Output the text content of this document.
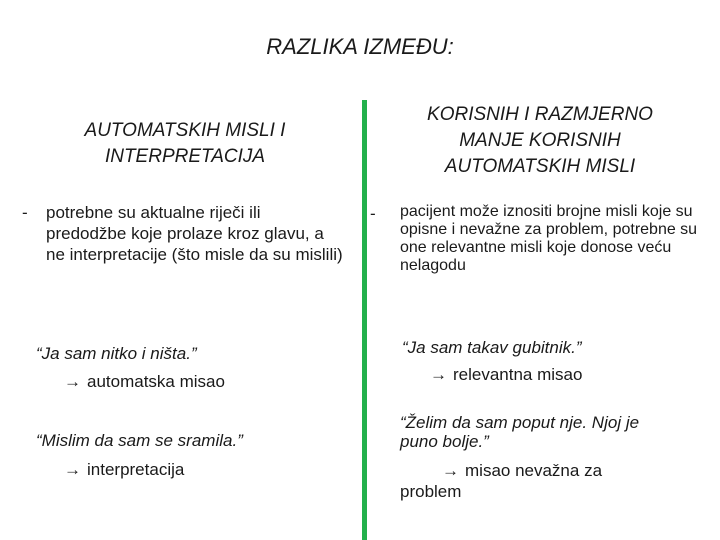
RAZLIKA IZMEĐU:
AUTOMATSKIH MISLI I
INTERPRETACIJA
- potrebne su aktualne riječi ili predodžbe koje prolaze kroz glavu, a ne interpretacije (što misle da su mislili)
“Ja sam nitko i ništa.”
→ automatska misao
“Mislim da sam se sramila.”
→ interpretacija
KORISNIH I RAZMJERNO
MANJE KORISNIH
AUTOMATSKIH MISLI
- pacijent može iznositi brojne misli koje su opisne i nevažne za problem, potrebne su one relevantne misli koje donose veću nelagodu
“Ja sam takav gubitnik.”
→ relevantna misao
“Želim da sam poput nje. Njoj je
puno bolje.”
→ misao nevažna za
problem
